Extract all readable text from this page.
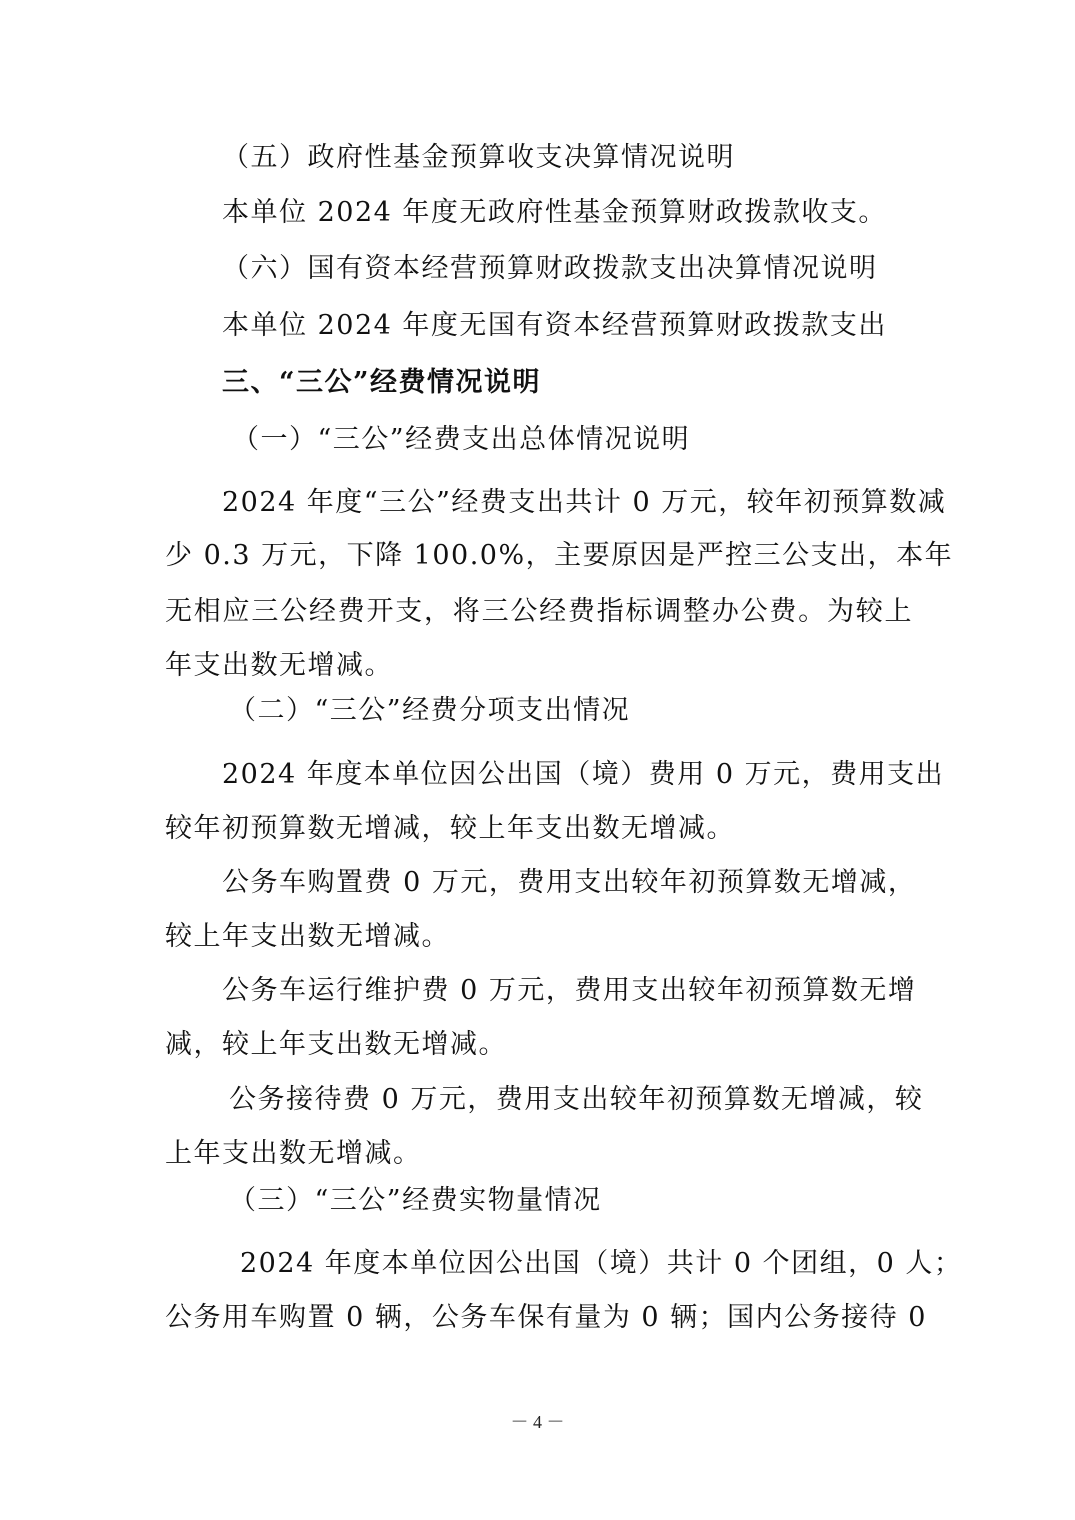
（五）政府性基金预算收支决算情况说明
本单位 2024 年度无政府性基金预算财政拨款收支。
（六）国有资本经营预算财政拨款支出决算情况说明
本单位 2024 年度无国有资本经营预算财政拨款支出
三、“三公”经费情况说明
（一）“三公”经费支出总体情况说明
2024 年度“三公”经费支出共计 0 万元，较年初预算数减
少 0.3 万元，下降 100.0%，主要原因是严控三公支出，本年
无相应三公经费开支，将三公经费指标调整办公费。为较上
年支出数无增减。
（二）“三公”经费分项支出情况
2024 年度本单位因公出国（境）费用 0 万元，费用支出
较年初预算数无增减，较上年支出数无增减。
公务车购置费 0 万元，费用支出较年初预算数无增减，
较上年支出数无增减。
公务车运行维护费 0 万元，费用支出较年初预算数无增
减，较上年支出数无增减。
公务接待费 0 万元，费用支出较年初预算数无增减，较
上年支出数无增减。
（三）“三公”经费实物量情况
2024 年度本单位因公出国（境）共计 0 个团组，0 人；
公务用车购置 0 辆，公务车保有量为 0 辆；国内公务接待 0
－ 4 －
